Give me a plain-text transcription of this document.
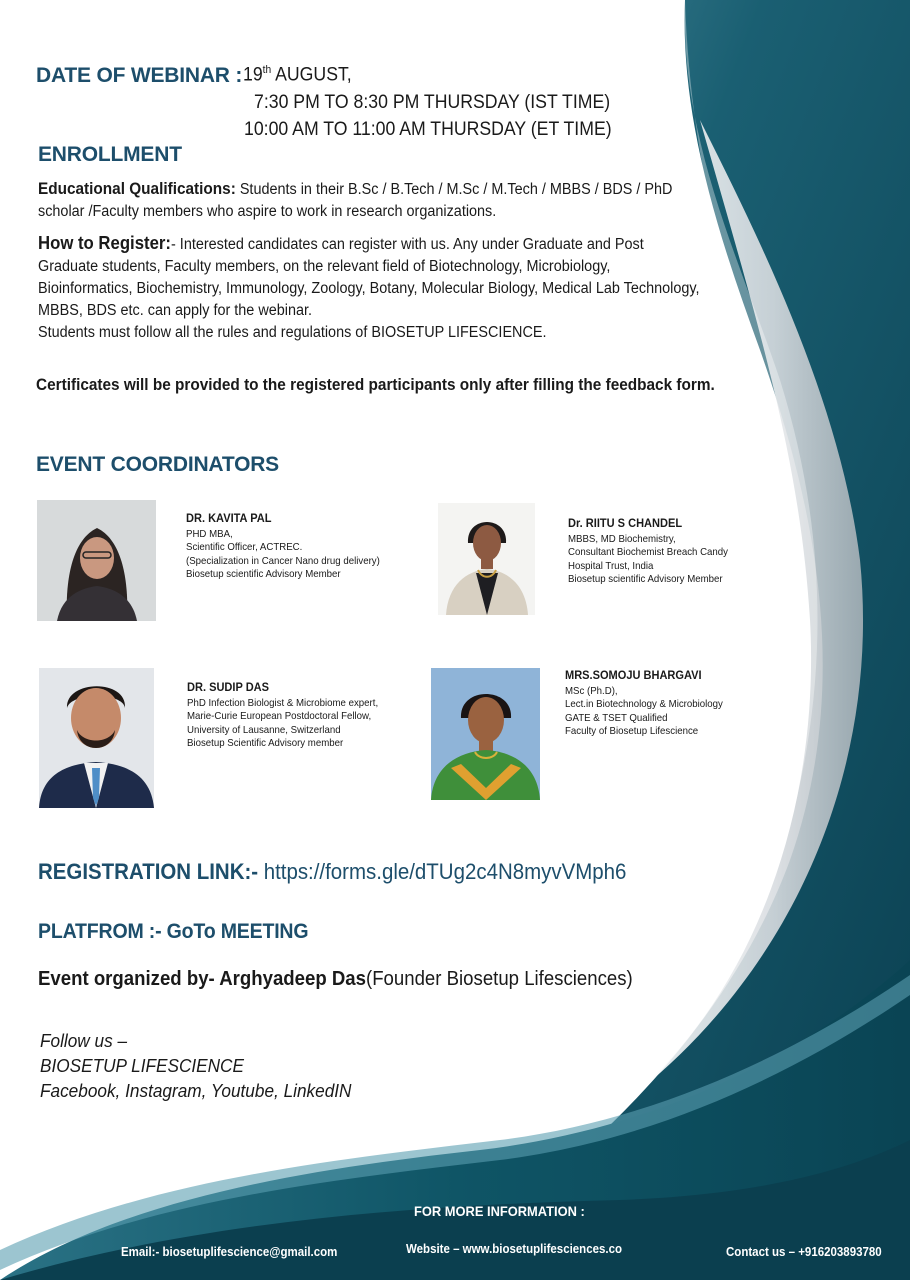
DATE OF WEBINAR : 19th AUGUST,
7:30 PM TO 8:30 PM THURSDAY (IST TIME)
10:00 AM TO 11:00 AM THURSDAY (ET TIME)
ENROLLMENT
Educational Qualifications: Students in their B.Sc / B.Tech / M.Sc / M.Tech / MBBS / BDS / PhD scholar /Faculty members who aspire to work in research organizations.
How to Register:- Interested candidates can register with us. Any under Graduate and Post Graduate students, Faculty members, on the relevant field of Biotechnology, Microbiology, Bioinformatics, Biochemistry, Immunology, Zoology, Botany, Molecular Biology, Medical Lab Technology, MBBS, BDS etc. can apply for the webinar.
Students must follow all the rules and regulations of BIOSETUP LIFESCIENCE.
Certificates will be provided to the registered participants only after filling the feedback form.
EVENT COORDINATORS
DR. KAVITA PAL
PHD MBA,
Scientific Officer, ACTREC.
(Specialization in Cancer Nano drug delivery)
Biosetup scientific Advisory Member
Dr. RIITU S CHANDEL
MBBS, MD Biochemistry,
Consultant Biochemist Breach Candy
Hospital Trust, India
Biosetup scientific Advisory Member
DR. SUDIP DAS
PhD Infection Biologist & Microbiome expert,
Marie-Curie European Postdoctoral Fellow,
University of Lausanne, Switzerland
Biosetup Scientific Advisory member
MRS.SOMOJU BHARGAVI
MSc (Ph.D),
Lect.in Biotechnology & Microbiology
GATE & TSET Qualified
Faculty of Biosetup Lifescience
REGISTRATION LINK:- https://forms.gle/dTUg2c4N8myvVMph6
PLATFROM :- GoTo MEETING
Event organized by- Arghyadeep Das(Founder Biosetup Lifesciences)
Follow us –
BIOSETUP LIFESCIENCE
Facebook, Instagram, Youtube, LinkedIN
FOR MORE INFORMATION :
Email:- biosetuplifescience@gmail.com	Website – www.biosetuplifesciences.co	Contact us – +916203893780
